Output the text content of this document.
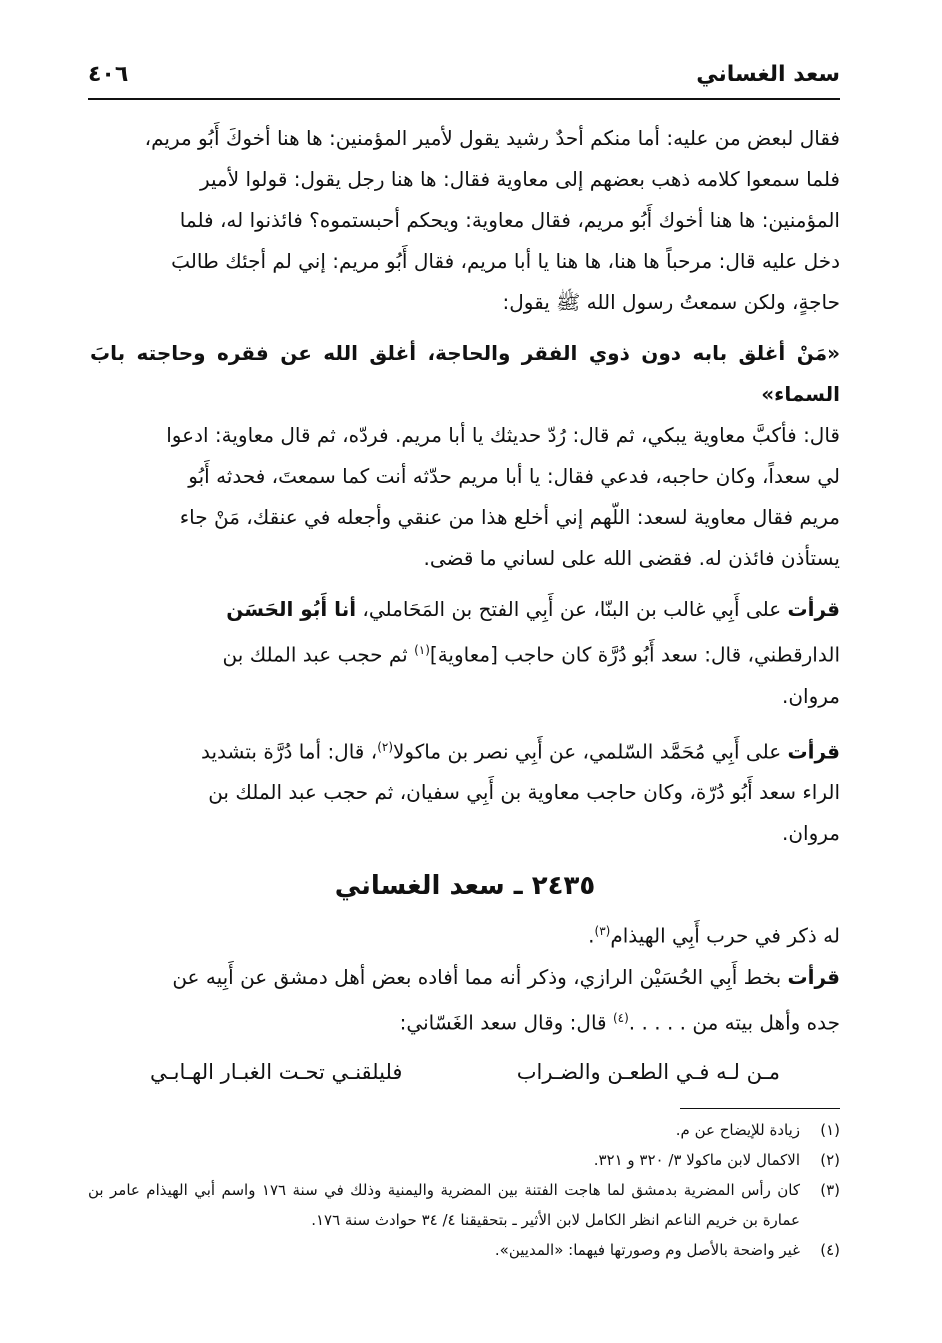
سعد الغساني
٤٠٦

فقال لبعض من عليه: أما منكم أحدٌ رشيد يقول لأمير المؤمنين: ها هنا أخوكَ أَبُو مريم،

فلما سمعوا كلامه ذهب بعضهم إلى معاوية فقال: ها هنا رجل يقول: قولوا لأمير

المؤمنين: ها هنا أخوك أَبُو مريم، فقال معاوية: ويحكم أحبستموه؟ فائذنوا له، فلما

دخل عليه قال: مرحباً ها هنا، ها هنا يا أبا مريم، فقال أَبُو مريم: إني لم أجئك طالبَ

حاجةٍ، ولكن سمعتُ رسول الله ﷺ يقول:

«مَنْ أغلق بابه دون ذوي الفقر والحاجة، أغلق الله عن فقره وحاجته بابَ السماء»

قال: فأكبَّ معاوية يبكي، ثم قال: رُدّ حديثك يا أبا مريم. فردّه، ثم قال معاوية: ادعوا

لي سعداً، وكان حاجبه، فدعي فقال: يا أبا مريم حدّثه أنت كما سمعتَ، فحدثه أَبُو

مريم فقال معاوية لسعد: اللّهم إني أخلع هذا من عنقي وأجعله في عنقك، مَنْ جاء

يستأذن فائذن له. فقضى الله على لساني ما قضى.

قرأت على أَبِي غالب بن البنّا، عن أَبِي الفتح بن المَحَاملي، أنا أَبُو الحَسَن

الدارقطني، قال: سعد أَبُو دُرَّة كان حاجب [معاوية]$^{(١)}$ ثم حجب عبد الملك بن

مروان.

قرأت على أَبِي مُحَمَّد السّلمي، عن أَبِي نصر بن ماكولا$^{(٢)}$، قال: أما دُرَّة بتشديد

الراء سعد أَبُو دُرّة، وكان حاجب معاوية بن أَبِي سفيان، ثم حجب عبد الملك بن

مروان.

٢٤٣٥ ـ سعد الغساني

له ذكر في حرب أَبِي الهيذام$^{(٣)}$.

قرأت بخط أَبِي الحُسَيْن الرازي، وذكر أنه مما أفاده بعض أهل دمشق عن أَبِيه عن

جده وأهل بيته من . . . . .$^{(٤)}$ قال: وقال سعد الغَسّاني:

مـن لـه فـي الطعـن والضـراب
فليلقنـي تحـت الغبـار الهـابـي

(١)
زيادة للإيضاح عن م.

(٢)
الاكمال لابن ماكولا ٣/ ٣٢٠ و ٣٢١.

(٣)
كان رأس المضرية بدمشق لما هاجت الفتنة بين المضرية واليمنية وذلك في سنة ١٧٦ واسم أبي الهيذام عامر بن عمارة بن خريم الناعم انظر الكامل لابن الأثير ـ بتحقيقنا ٤/ ٣٤ حوادث سنة ١٧٦.

(٤)
غير واضحة بالأصل وم وصورتها فيهما: «المديين».
